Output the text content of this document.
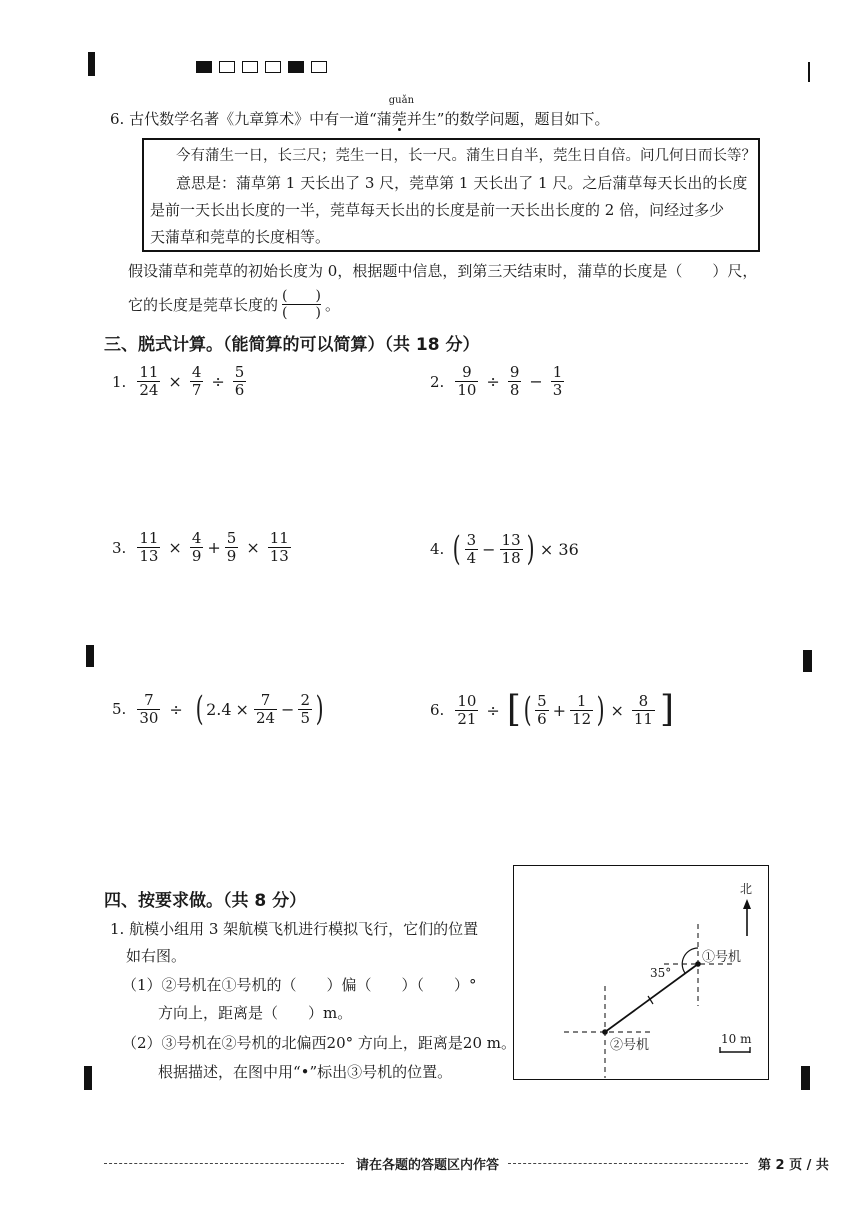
6. 古代数学名著《九章算术》中有一道“蒲
guǎn
莞
并生”的数学问题，题目如下。
今有蒲生一日，长三尺；莞生一日，长一尺。蒲生日自半，莞生日自倍。问几何日而长等？
意思是：蒲草第 1 天长出了 3 尺，莞草第 1 天长出了 1 尺。之后蒲草每天长出的长度
是前一天长出长度的一半，莞草每天长出的长度是前一天长出长度的 2 倍，问经过多少
天蒲草和莞草的长度相等。
假设蒲草和莞草的初始长度为 0，根据题中信息，到第三天结束时，蒲草的长度是（　　）尺，
它的长度是莞草长度的 $\frac{( )}{( )}$ 。
三、脱式计算。（能简算的可以简算）（共 18 分）
1. $\frac{11}{24} \times \frac{4}{7} \div \frac{5}{6}$	2. $\frac{9}{10} \div \frac{9}{8} - \frac{1}{3}$
3. $\frac{11}{13} \times \frac{4}{9} + \frac{5}{9} \times \frac{11}{13}$	4. ( $\frac{3}{4} - \frac{13}{18}$ ) × 36
5. $\frac{7}{30}$ ÷ ( $2.4 \times \frac{7}{24} - \frac{2}{5}$ )	6. $\frac{10}{21}$ ÷ [ ( $\frac{5}{6} + \frac{1}{12}$ ) × $\frac{8}{11}$ ]
四、按要求做。（共 8 分）
1. 航模小组用 3 架航模飞机进行模拟飞行，它们的位置
如右图。
（1）②号机在①号机的（　　）偏（　　）（　　）°
方向上，距离是（　　）m。
（2）③号机在②号机的北偏西20° 方向上，距离是20 m。
根据描述，在图中用“•”标出③号机的位置。
北
①号机
②号机
35°
10 m
请在各题的答题区内作答	第 2 页 / 共
